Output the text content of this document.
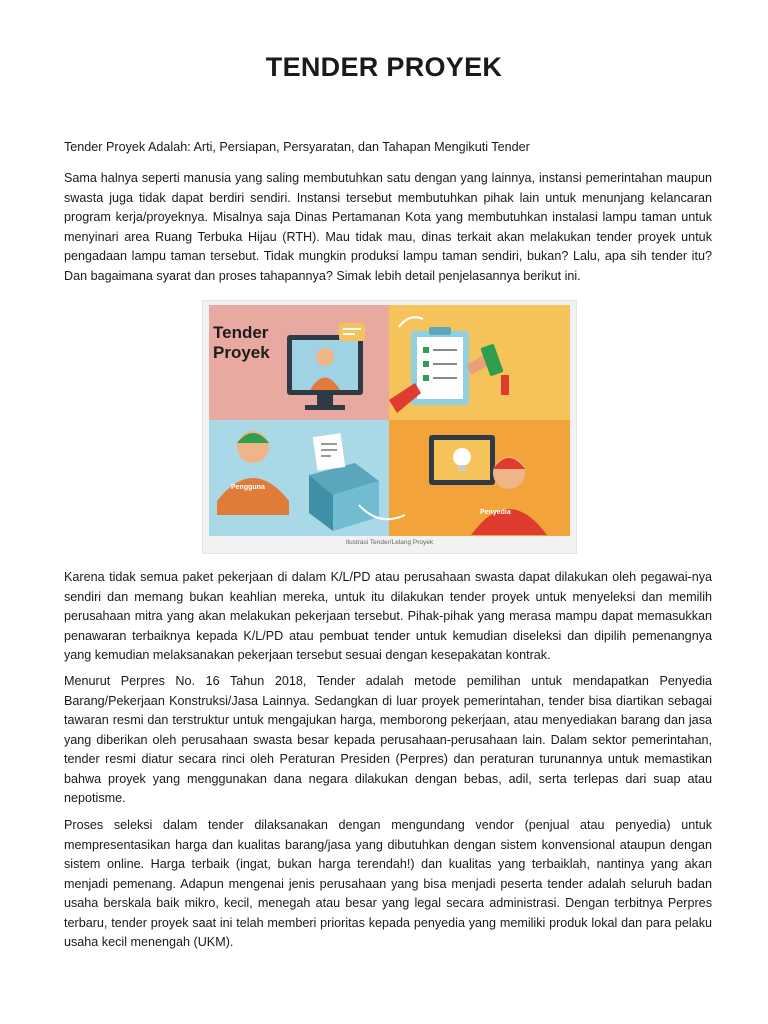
TENDER PROYEK

Tender Proyek Adalah: Arti, Persiapan, Persyaratan, dan Tahapan Mengikuti Tender

Sama halnya seperti manusia yang saling membutuhkan satu dengan yang lainnya, instansi pemerintahan maupun swasta juga tidak dapat berdiri sendiri. Instansi tersebut membutuhkan pihak lain untuk menunjang kelancaran program kerja/proyeknya. Misalnya saja Dinas Pertamanan Kota yang membutuhkan instalasi lampu taman untuk menyinari area Ruang Terbuka Hijau (RTH). Mau tidak mau, dinas terkait akan melakukan tender proyek untuk pengadaan lampu taman tersebut. Tidak mungkin produksi lampu taman sendiri, bukan? Lalu, apa sih tender itu? Dan bagaimana syarat dan proses tahapannya? Simak lebih detail penjelasannya berikut ini.

Tender
Proyek
Pengguna
Penyedia
Ilustrasi Tender/Lelang Proyek

Karena tidak semua paket pekerjaan di dalam K/L/PD atau perusahaan swasta dapat dilakukan oleh pegawai-nya sendiri dan memang bukan keahlian mereka, untuk itu dilakukan tender proyek untuk menyeleksi dan memilih perusahaan mitra yang akan melakukan pekerjaan tersebut. Pihak-pihak yang merasa mampu dapat memasukkan penawaran terbaiknya kepada K/L/PD atau pembuat tender untuk kemudian diseleksi dan dipilih pemenangnya yang kemudian melaksanakan pekerjaan tersebut sesuai dengan kesepakatan kontrak.

Menurut Perpres No. 16 Tahun 2018, Tender adalah metode pemilihan untuk mendapatkan Penyedia Barang/Pekerjaan Konstruksi/Jasa Lainnya. Sedangkan di luar proyek pemerintahan, tender bisa diartikan sebagai tawaran resmi dan terstruktur untuk mengajukan harga, memborong pekerjaan, atau menyediakan barang dan jasa yang diberikan oleh perusahaan swasta besar kepada perusahaan-perusahaan lain. Dalam sektor pemerintahan, tender resmi diatur secara rinci oleh Peraturan Presiden (Perpres) dan peraturan turunannya untuk memastikan bahwa proyek yang menggunakan dana negara dilakukan dengan bebas, adil, serta terlepas dari suap atau nepotisme.

Proses seleksi dalam tender dilaksanakan dengan mengundang vendor (penjual atau penyedia) untuk mempresentasikan harga dan kualitas barang/jasa yang dibutuhkan dengan sistem konvensional ataupun dengan sistem online. Harga terbaik (ingat, bukan harga terendah!) dan kualitas yang terbaiklah, nantinya yang akan menjadi pemenang. Adapun mengenai jenis perusahaan yang bisa menjadi peserta tender adalah seluruh badan usaha berskala baik mikro, kecil, menegah atau besar yang legal secara administrasi. Dengan terbitnya Perpres terbaru, tender proyek saat ini telah memberi prioritas kepada penyedia yang memiliki produk lokal dan para pelaku usaha kecil menengah (UKM).
